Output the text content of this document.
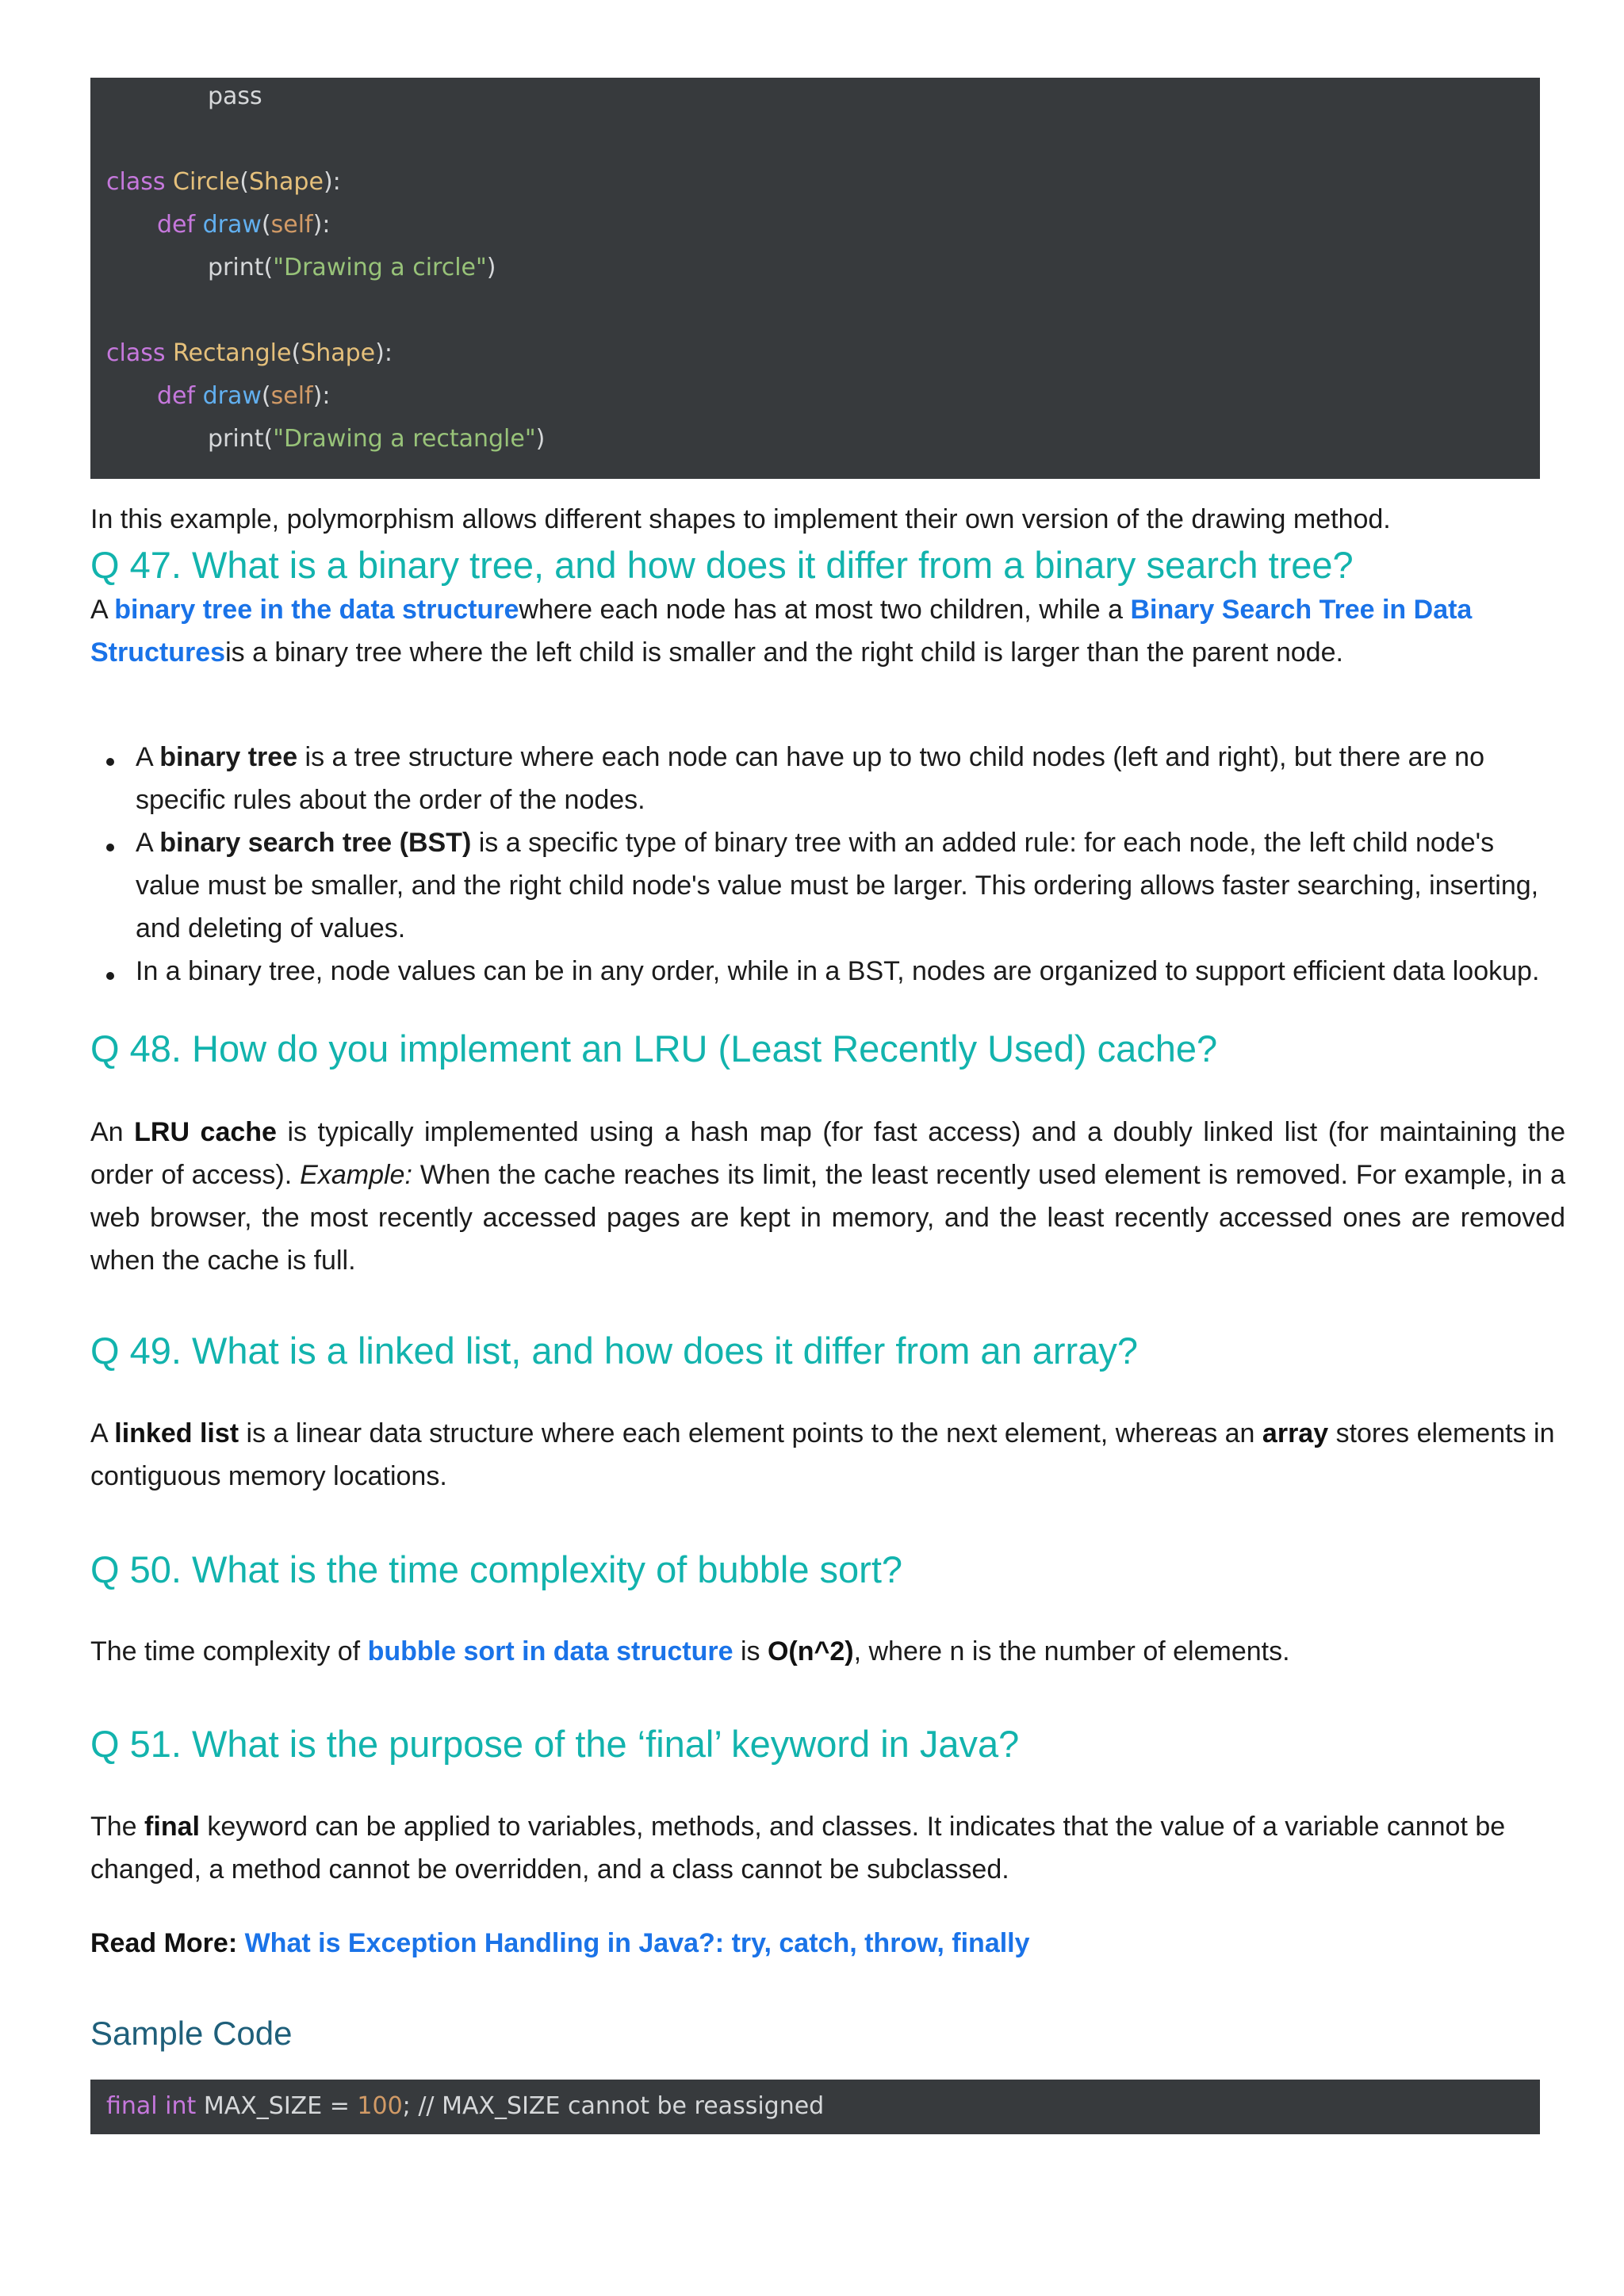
pass
class Circle(Shape):
def draw(self):
print("Drawing a circle")
class Rectangle(Shape):
def draw(self):
print("Drawing a rectangle")
In this example, polymorphism allows different shapes to implement their own version of the drawing method.
Q 47. What is a binary tree, and how does it differ from a binary search tree?
A binary tree in the data structurewhere each node has at most two children, while a Binary Search Tree in Data Structuresis a binary tree where the left child is smaller and the right child is larger than the parent node.
A binary tree is a tree structure where each node can have up to two child nodes (left and right), but there are no specific rules about the order of the nodes.
A binary search tree (BST) is a specific type of binary tree with an added rule: for each node, the left child node's value must be smaller, and the right child node's value must be larger. This ordering allows faster searching, inserting, and deleting of values.
In a binary tree, node values can be in any order, while in a BST, nodes are organized to support efficient data lookup.
Q 48. How do you implement an LRU (Least Recently Used) cache?
An LRU cache is typically implemented using a hash map (for fast access) and a doubly linked list (for maintaining the order of access). Example: When the cache reaches its limit, the least recently used element is removed. For example, in a web browser, the most recently accessed pages are kept in memory, and the least recently accessed ones are removed when the cache is full.
Q 49. What is a linked list, and how does it differ from an array?
A linked list is a linear data structure where each element points to the next element, whereas an array stores elements in contiguous memory locations.
Q 50. What is the time complexity of bubble sort?
The time complexity of bubble sort in data structure is O(n^2), where n is the number of elements.
Q 51. What is the purpose of the ‘final’ keyword in Java?
The final keyword can be applied to variables, methods, and classes. It indicates that the value of a variable cannot be changed, a method cannot be overridden, and a class cannot be subclassed.
Read More: What is Exception Handling in Java?: try, catch, throw, finally
Sample Code
final int MAX_SIZE = 100; // MAX_SIZE cannot be reassigned
